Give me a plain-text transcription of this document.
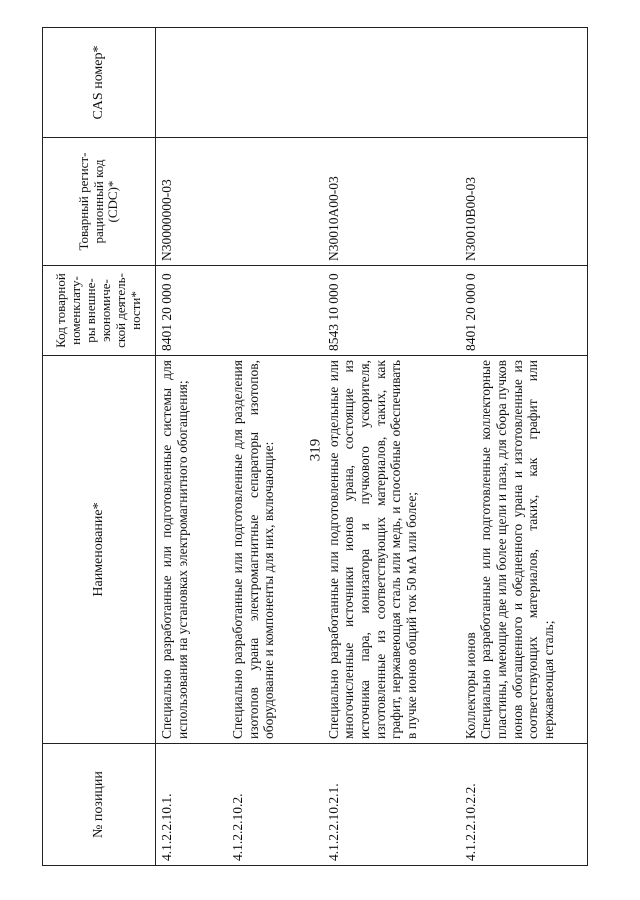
319
№ позиции	Наименование*	Код товарной номенклату-ры внешне-экономиче-ской деятель-ности*	Товарный регист-рационный код (CDC)*	CAS номер*
4.1.2.2.10.1.	Специально разработанные или подготовленные системы для использования на установках электромагнитного обогащения;	8401 20 000 0	N30000000-03	
4.1.2.2.10.2.	Специально разработанные или подготовленные для разделения изотопов урана электромагнитные сепараторы изотопов, оборудование и компоненты для них, включающие:			

4.1.2.2.10.2.1.	Специально разработанные или подготовленные отдельные или многочисленные источники ионов урана, состоящие из источника пара, ионизатора и пучкового ускорителя, изготовленные из соответствующих материалов, таких, как графит, нержавеющая сталь или медь, и способные обеспечивать в пучке ионов общий ток 50 мА или более;	8543 10 000 0	N30010A00-03	
4.1.2.2.10.2.2.	Коллекторы ионов Специально разработанные или подготовленные коллекторные пластины, имеющие две или более щели и паза, для сбора пучков ионов обогащенного и обедненного урана и изготовленные из соответствующих материалов, таких, как графит или нержавеющая сталь;	8401 20 000 0	N30010B00-03	
